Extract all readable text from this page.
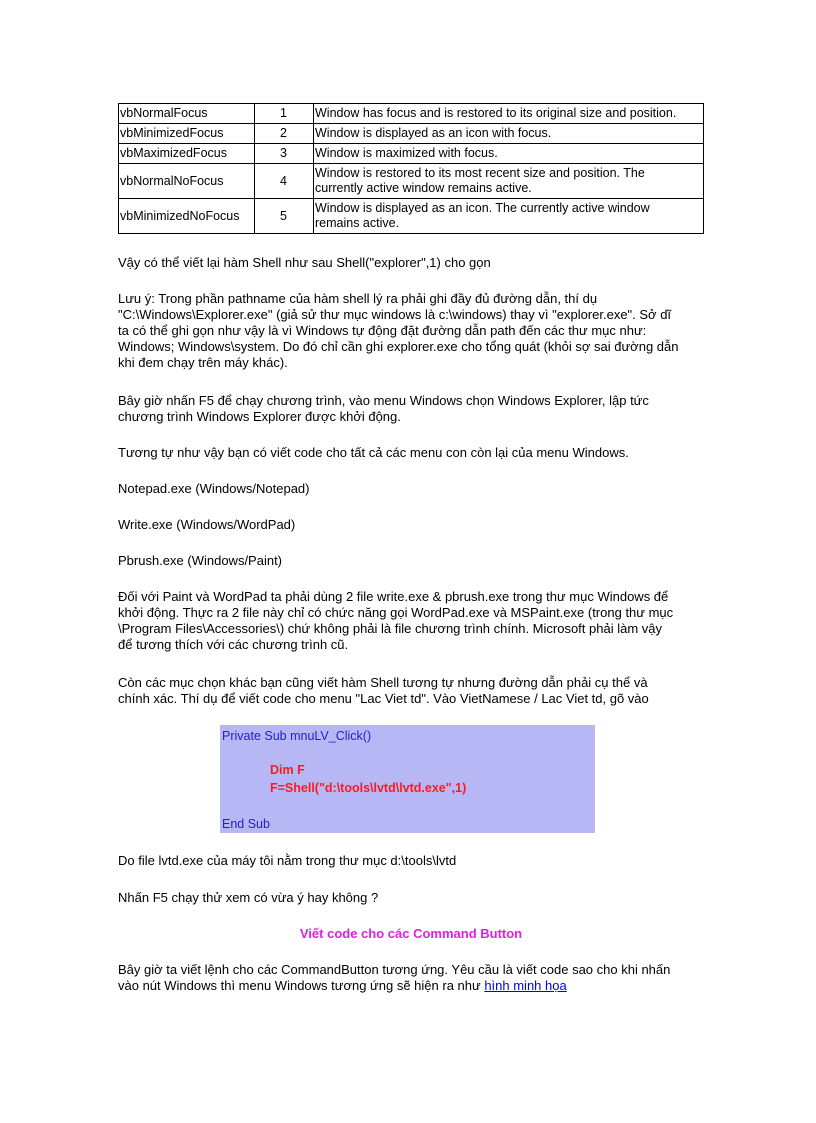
vbNormalFocus	1	Window has focus and is restored to its original size and position.
vbMinimizedFocus	2	Window is displayed as an icon with focus.
vbMaximizedFocus	3	Window is maximized with focus.
vbNormalNoFocus	4	Window is restored to its most recent size and position. The
currently active window remains active.
vbMinimizedNoFocus	5	Window is displayed as an icon. The currently active window
remains active.

Vậy có thể viết lại hàm Shell như sau Shell("explorer",1) cho gọn

Lưu ý: Trong phần pathname của hàm shell lý ra phải ghi đầy đủ đường dẫn, thí dụ
"C:\Windows\Explorer.exe" (giả sử thư mục windows là c:\windows) thay vì "explorer.exe". Sở dĩ
ta có thể ghi gọn như vậy là vì Windows tự động đặt đường dẫn path đến các thư mục như:
Windows; Windows\system. Do đó chỉ cần ghi explorer.exe cho tổng quát (khỏi sợ sai đường dẫn
khi đem chạy trên máy khác).

Bây giờ nhấn F5 để chạy chương trình, vào menu Windows chọn Windows Explorer, lập tức
chương trình Windows Explorer được khởi động.

Tương tự như vậy bạn có viết code cho tất cả các menu con còn lại của menu Windows.

Notepad.exe (Windows/Notepad)

Write.exe (Windows/WordPad)

Pbrush.exe (Windows/Paint)

Đối với Paint và WordPad ta phải dùng 2 file write.exe & pbrush.exe trong thư mục Windows để
khởi động. Thực ra 2 file này chỉ có chức năng gọi WordPad.exe và MSPaint.exe (trong thư mục
\Program Files\Accessories\) chứ không phải là file chương trình chính. Microsoft phải làm vậy
để tương thích với các chương trình cũ.

Còn các mục chọn khác bạn cũng viết hàm Shell tương tự nhưng đường dẫn phải cụ thể và
chính xác. Thí dụ để viết code cho menu "Lac Viet td". Vào VietNamese / Lac Viet td, gõ vào

Private Sub mnuLV_Click()
Dim F
F=Shell("d:\tools\lvtd\lvtd.exe",1)
End Sub

Do file lvtd.exe của máy tôi nằm trong thư mục d:\tools\lvtd

Nhấn F5 chạy thử xem có vừa ý hay không ?

Viết code cho các Command Button

Bây giờ ta viết lệnh cho các CommandButton tương ứng. Yêu cầu là viết code sao cho khi nhấn
vào nút Windows thì menu Windows tương ứng sẽ hiện ra như hình minh họa
